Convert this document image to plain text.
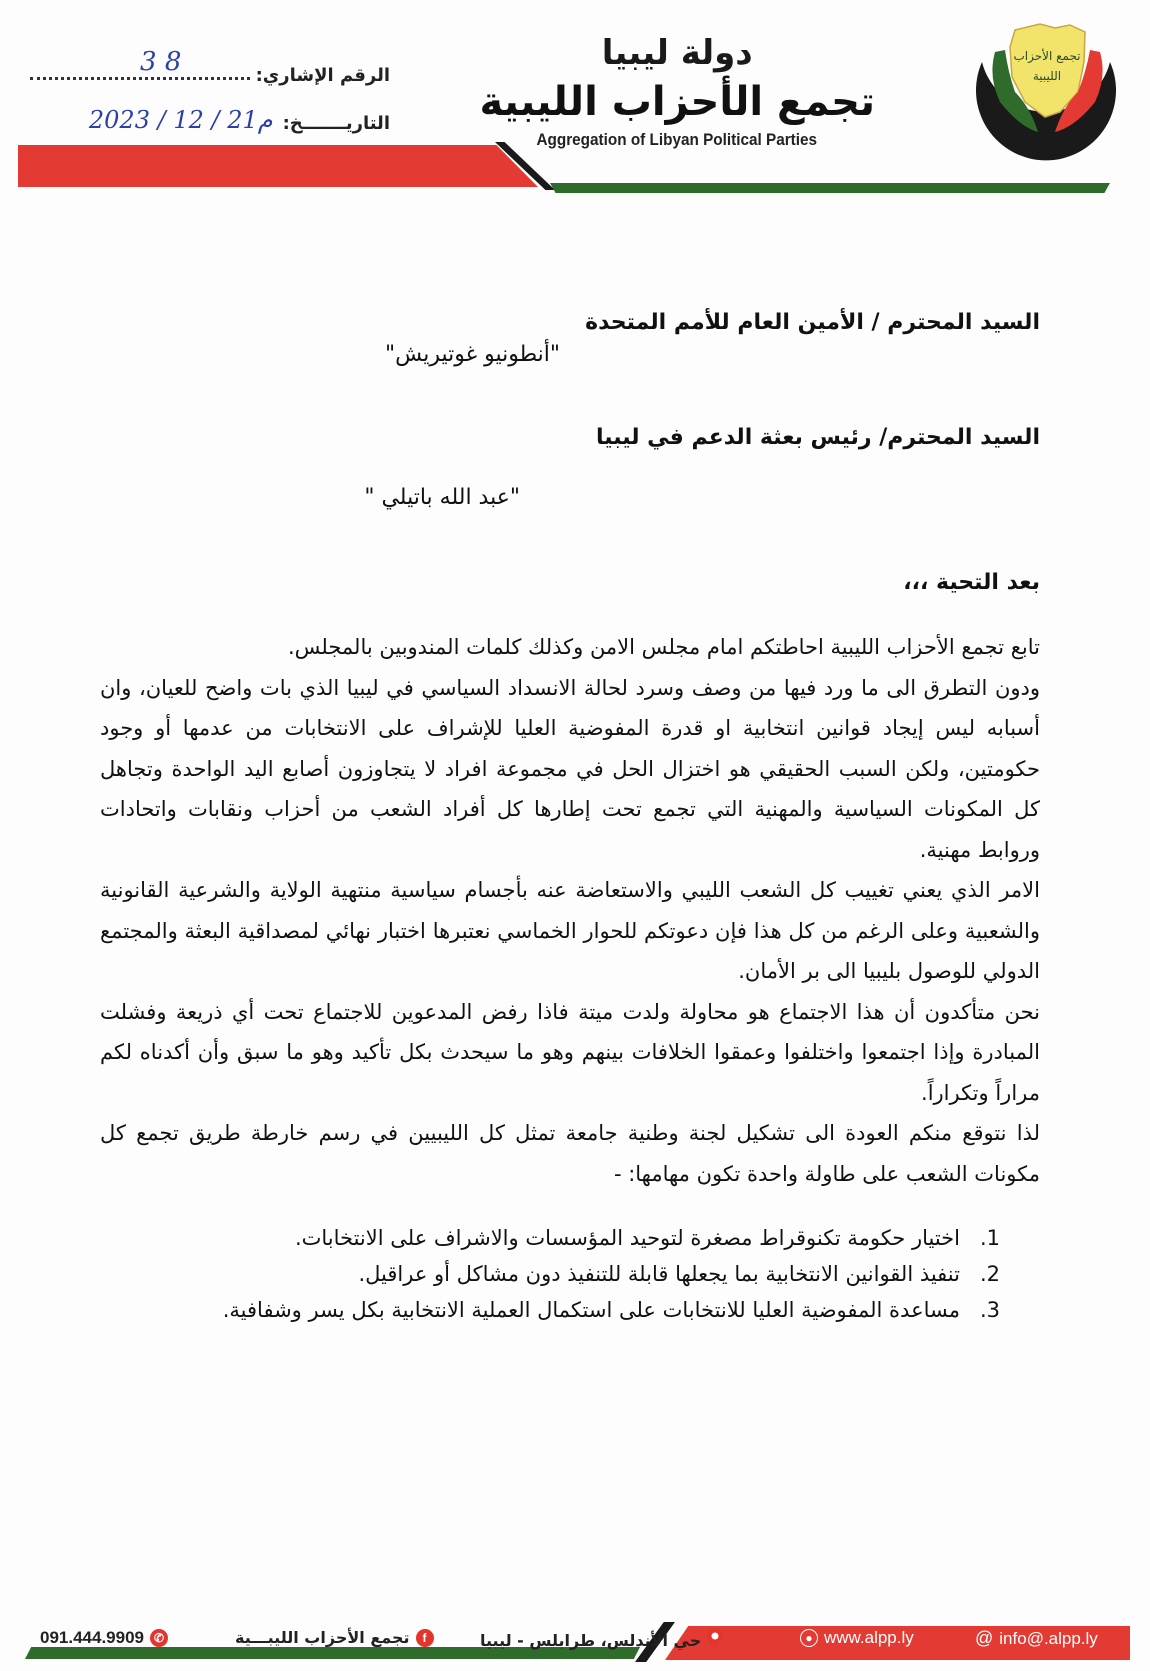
الرقم الإشاري:
8 3
التاريـــــــخ:
2023 / 12 / 21م
دولة ليبيا
تجمع الأحزاب الليبية
Aggregation of Libyan Political Parties
تجمع الأحزاب
الليبية
السيد المحترم / الأمين العام للأمم المتحدة
"أنطونيو غوتيريش"
السيد المحترم/ رئيس بعثة الدعم في ليبيا
"عبد الله باتيلي "
بعد التحية ،،،

تابع تجمع الأحزاب الليبية احاطتكم امام مجلس الامن وكذلك كلمات المندوبين بالمجلس.

ودون التطرق الى ما ورد فيها من وصف وسرد لحالة الانسداد السياسي في ليبيا الذي بات واضح للعيان، وان أسبابه ليس إيجاد قوانين انتخابية او قدرة المفوضية العليا للإشراف على الانتخابات من عدمها أو وجود حكومتين، ولكن السبب الحقيقي هو اختزال الحل في مجموعة افراد لا يتجاوزون أصابع اليد الواحدة وتجاهل كل المكونات السياسية والمهنية التي تجمع تحت إطارها كل أفراد الشعب من أحزاب ونقابات واتحادات وروابط مهنية.

الامر الذي يعني تغييب كل الشعب الليبي والاستعاضة عنه بأجسام سياسية منتهية الولاية والشرعية القانونية والشعبية وعلى الرغم من كل هذا فإن دعوتكم للحوار الخماسي نعتبرها اختبار نهائي لمصداقية البعثة والمجتمع الدولي للوصول بليبيا الى بر الأمان.

نحن متأكدون أن هذا الاجتماع هو محاولة ولدت ميتة فاذا رفض المدعوين للاجتماع تحت أي ذريعة وفشلت المبادرة وإذا اجتمعوا واختلفوا وعمقوا الخلافات بينهم وهو ما سيحدث بكل تأكيد وهو ما سبق وأن أكدناه لكم مراراً وتكراراً.

لذا نتوقع منكم العودة الى تشكيل لجنة وطنية جامعة تمثل كل الليبيين في رسم خارطة طريق تجمع كل مكونات الشعب على طاولة واحدة تكون مهامها: -

1.
اختيار حكومة تكنوقراط مصغرة لتوحيد المؤسسات والاشراف على الانتخابات.
2.
تنفيذ القوانين الانتخابية بما يجعلها قابلة للتنفيذ دون مشاكل أو عراقيل.
3.
مساعدة المفوضية العليا للانتخابات على استكمال العملية الانتخابية بكل يسر وشفافية.
091.444.9909 ✆	f
تجمع الأحزاب الليبـــية	حي الأندلس، طرابلس - ليبيا	● www.alpp.ly	@ info@.alpp.ly
